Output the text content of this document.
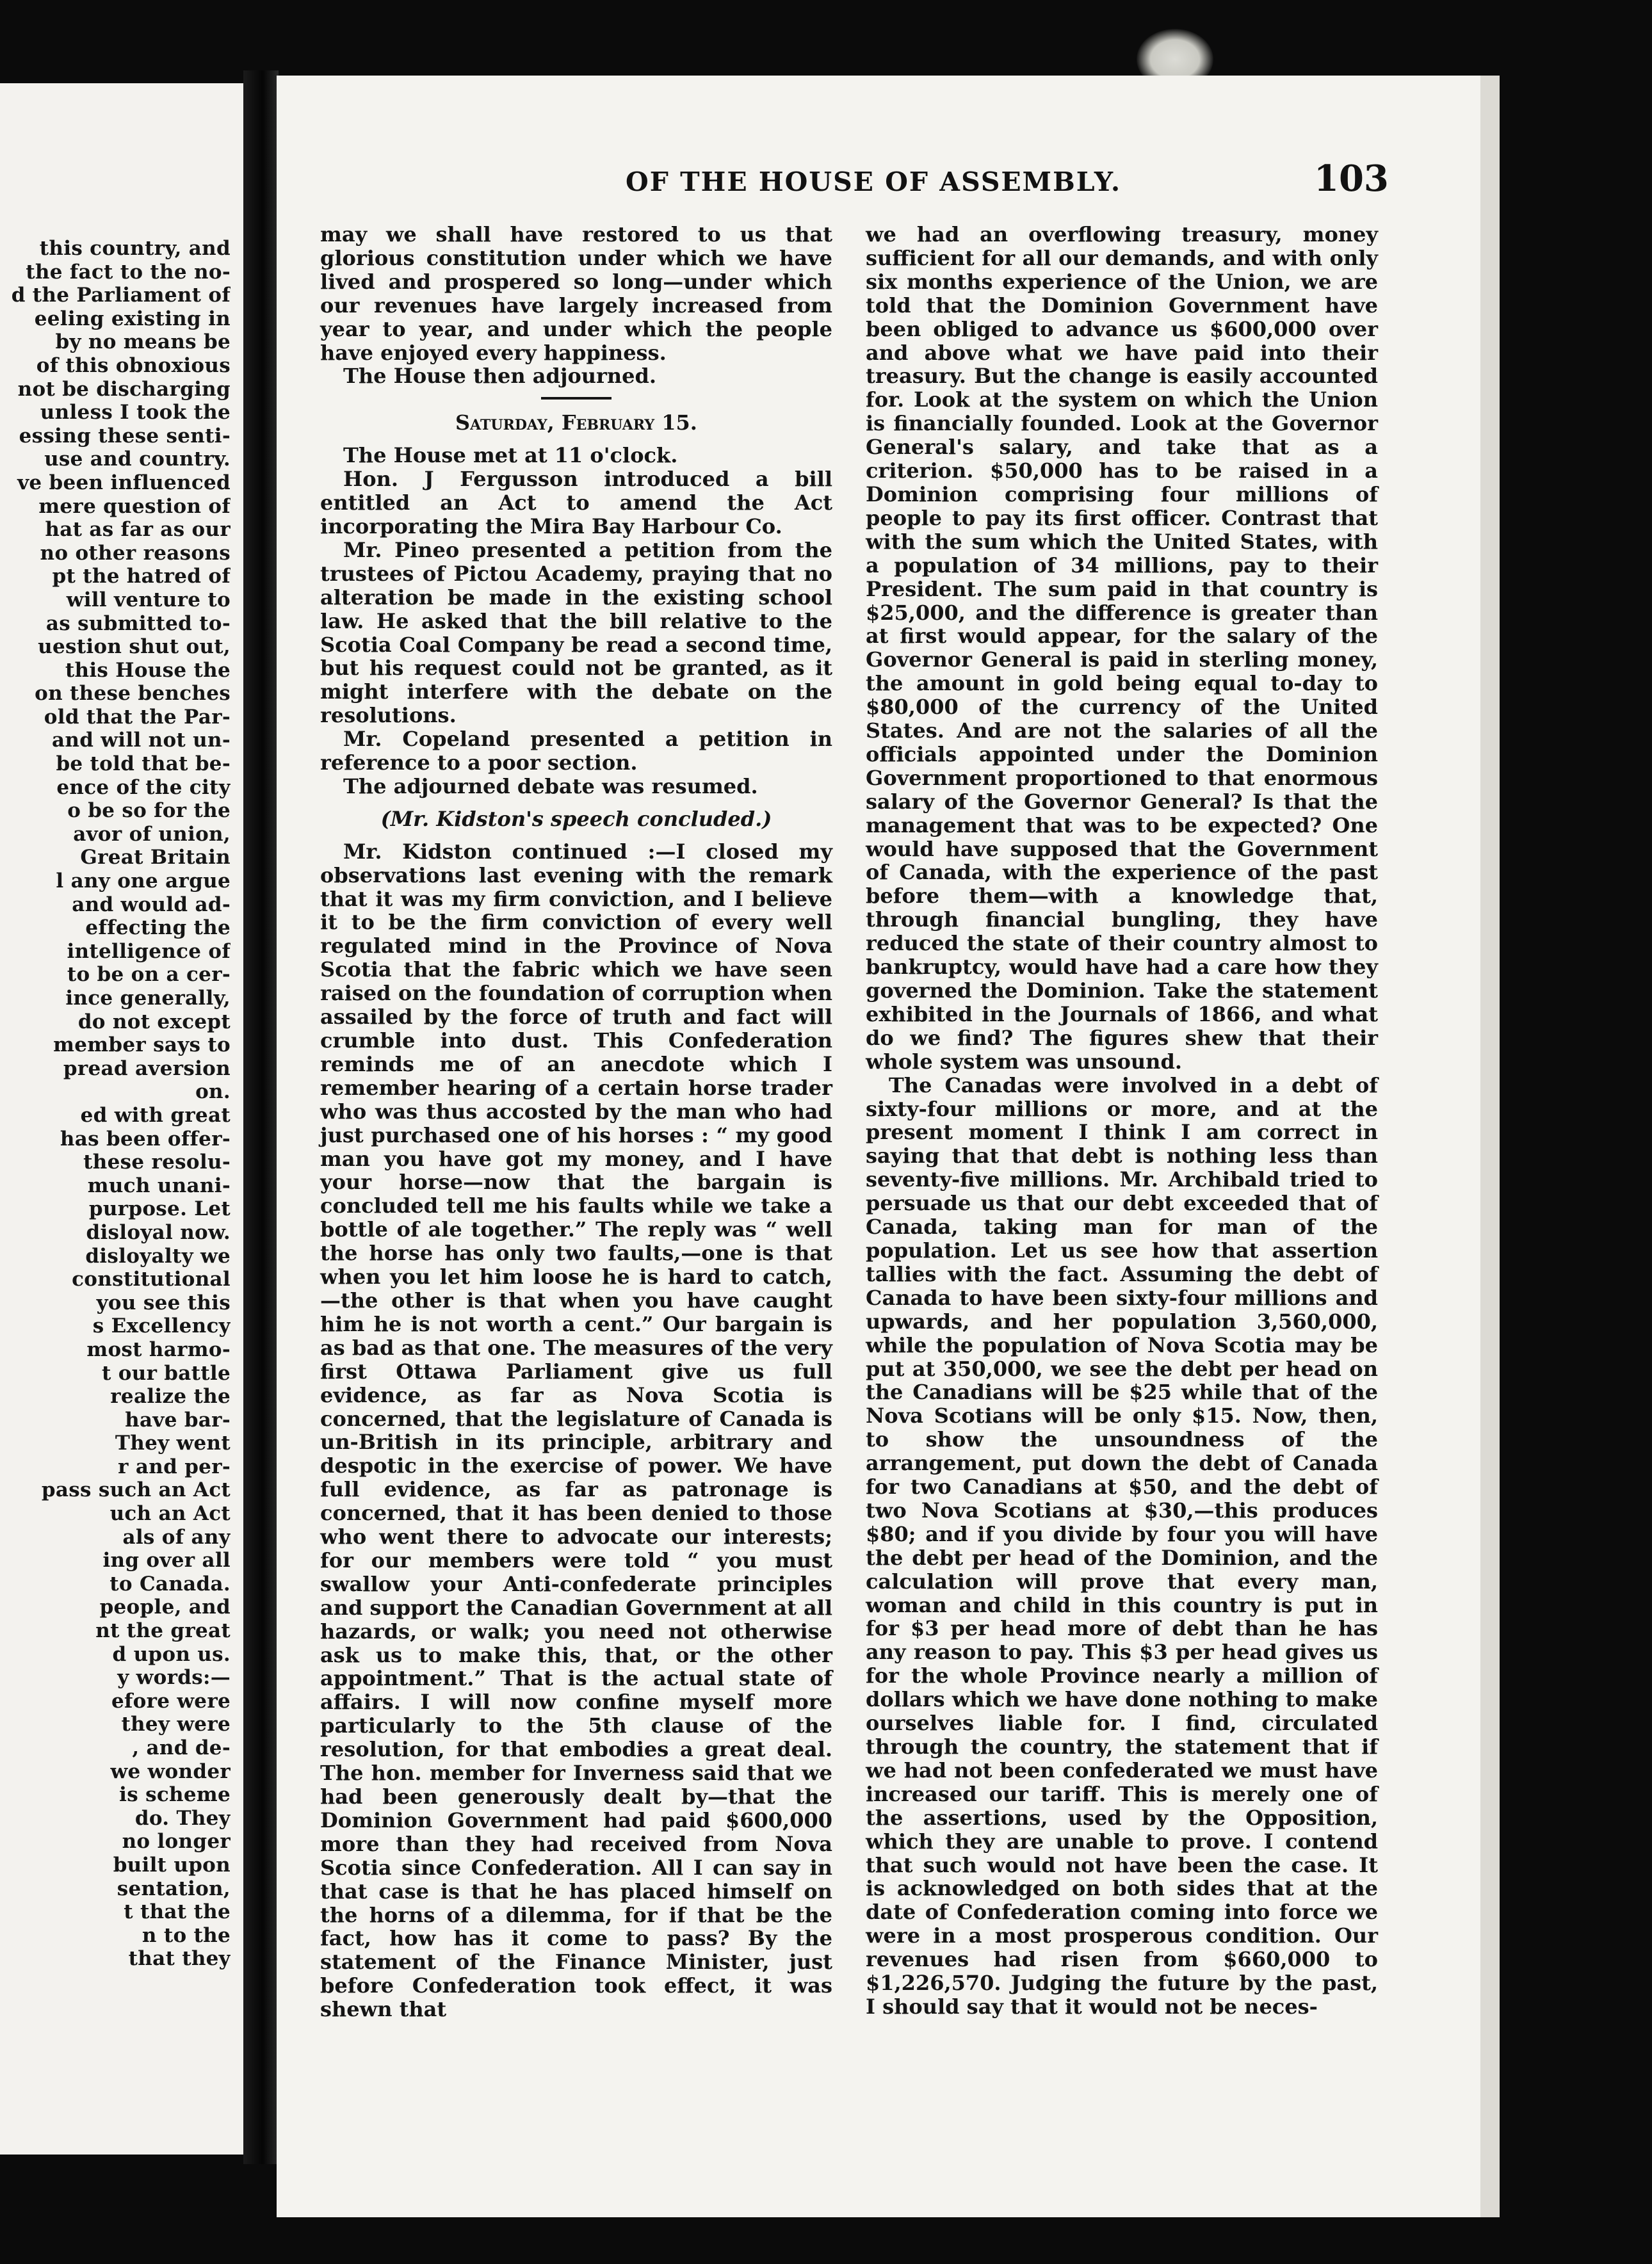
this country, and
the fact to the no-
d the Parliament of
eeling existing in
by no means be
of this obnoxious
not be discharging
unless I took the
essing these senti-
use and country.
ve been influenced
mere question of
hat as far as our
no other reasons
pt the hatred of
will venture to
as submitted to-
uestion shut out,
this House the
on these benches
old that the Par-
and will not un-
be told that be-
ence of the city
o be so for the
avor of union,
Great Britain
l any one argue
and would ad-
effecting the
intelligence of
to be on a cer-
ince generally,
do not except
member says to
pread aversion
on.
ed with great
has been offer-
these resolu-
much unani-
purpose. Let
disloyal now.
disloyalty we
constitutional
you see this
s Excellency
most harmo-
t our battle
realize the
have bar-
They went
r and per-
pass such an Act
uch an Act
als of any
ing over all
to Canada.
people, and
nt the great
d upon us.
y words:—
efore were
they were
, and de-
we wonder
is scheme
do. They
no longer
built upon
sentation,
t that the
n to the
that they
OF THE HOUSE OF ASSEMBLY.	103

may we shall have restored to us that glorious constitution under which we have lived and prospered so long—under which our revenues have largely increased from year to year, and under which the people have enjoyed every happiness.

The House then adjourned.

Saturday, February 15.

The House met at 11 o'clock.

Hon. J Fergusson introduced a bill entitled an Act to amend the Act incorporating the Mira Bay Harbour Co.

Mr. Pineo presented a petition from the trustees of Pictou Academy, praying that no alteration be made in the existing school law. He asked that the bill relative to the Scotia Coal Company be read a second time, but his request could not be granted, as it might interfere with the debate on the resolutions.

Mr. Copeland presented a petition in reference to a poor section.

The adjourned debate was resumed.

(Mr. Kidston's speech concluded.)

Mr. Kidston continued :—I closed my observations last evening with the remark that it was my firm conviction, and I believe it to be the firm conviction of every well regulated mind in the Province of Nova Scotia that the fabric which we have seen raised on the foundation of corruption when assailed by the force of truth and fact will crumble into dust. This Confederation reminds me of an anecdote which I remember hearing of a certain horse trader who was thus accosted by the man who had just purchased one of his horses : “ my good man you have got my money, and I have your horse—now that the bargain is concluded tell me his faults while we take a bottle of ale together.” The reply was “ well the horse has only two faults,—one is that when you let him loose he is hard to catch,—the other is that when you have caught him he is not worth a cent.” Our bargain is as bad as that one. The measures of the very first Ottawa Parliament give us full evidence, as far as Nova Scotia is concerned, that the legislature of Canada is un-British in its principle, arbitrary and despotic in the exercise of power. We have full evidence, as far as patronage is concerned, that it has been denied to those who went there to advocate our interests; for our members were told “ you must swallow your Anti-confederate principles and support the Canadian Government at all hazards, or walk; you need not otherwise ask us to make this, that, or the other appointment.” That is the actual state of affairs. I will now confine myself more particularly to the 5th clause of the resolution, for that embodies a great deal. The hon. member for Inverness said that we had been generously dealt by—that the Dominion Government had paid $600,000 more than they had received from Nova Scotia since Confederation. All I can say in that case is that he has placed himself on the horns of a dilemma, for if that be the fact, how has it come to pass? By the statement of the Finance Minister, just before Confederation took effect, it was shewn that

we had an overflowing treasury, money sufficient for all our demands, and with only six months experience of the Union, we are told that the Dominion Government have been obliged to advance us $600,000 over and above what we have paid into their treasury. But the change is easily accounted for. Look at the system on which the Union is financially founded. Look at the Governor General's salary, and take that as a criterion. $50,000 has to be raised in a Dominion comprising four millions of people to pay its first officer. Contrast that with the sum which the United States, with a population of 34 millions, pay to their President. The sum paid in that country is $25,000, and the difference is greater than at first would appear, for the salary of the Governor General is paid in sterling money, the amount in gold being equal to-day to $80,000 of the currency of the United States. And are not the salaries of all the officials appointed under the Dominion Government proportioned to that enormous salary of the Governor General? Is that the management that was to be expected? One would have supposed that the Government of Canada, with the experience of the past before them—with a knowledge that, through financial bungling, they have reduced the state of their country almost to bankruptcy, would have had a care how they governed the Dominion. Take the statement exhibited in the Journals of 1866, and what do we find? The figures shew that their whole system was unsound.

The Canadas were involved in a debt of sixty-four millions or more, and at the present moment I think I am correct in saying that that debt is nothing less than seventy-five millions. Mr. Archibald tried to persuade us that our debt exceeded that of Canada, taking man for man of the population. Let us see how that assertion tallies with the fact. Assuming the debt of Canada to have been sixty-four millions and upwards, and her population 3,560,000, while the population of Nova Scotia may be put at 350,000, we see the debt per head on the Canadians will be $25 while that of the Nova Scotians will be only $15. Now, then, to show the unsoundness of the arrangement, put down the debt of Canada for two Canadians at $50, and the debt of two Nova Scotians at $30,—this produces $80; and if you divide by four you will have the debt per head of the Dominion, and the calculation will prove that every man, woman and child in this country is put in for $3 per head more of debt than he has any reason to pay. This $3 per head gives us for the whole Province nearly a million of dollars which we have done nothing to make ourselves liable for. I find, circulated through the country, the statement that if we had not been confederated we must have increased our tariff. This is merely one of the assertions, used by the Opposition, which they are unable to prove. I contend that such would not have been the case. It is acknowledged on both sides that at the date of Confederation coming into force we were in a most prosperous condition. Our revenues had risen from $660,000 to $1,226,570. Judging the future by the past, I should say that it would not be neces-
